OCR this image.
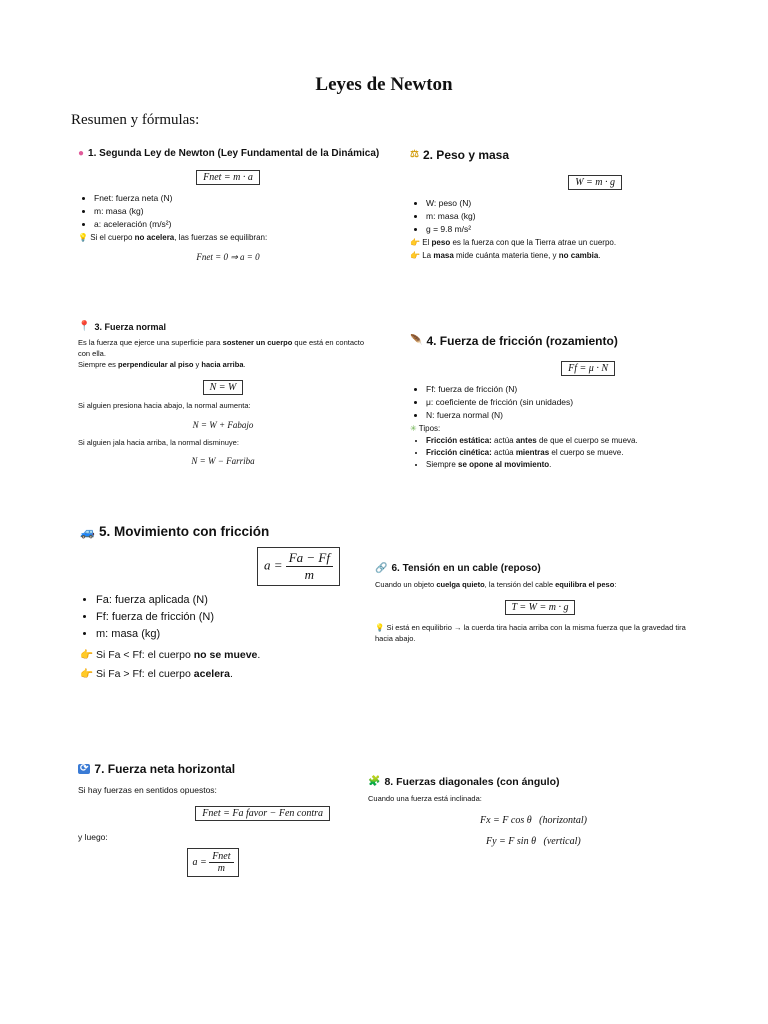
Leyes de Newton
Resumen y fórmulas:
● 1. Segunda Ley de Newton (Ley Fundamental de la Dinámica)
Fnet = m · a
• Fnet: fuerza neta (N)
• m: masa (kg)
• a: aceleración (m/s²)
💡 Si el cuerpo no acelera, las fuerzas se equilibran:
Fnet = 0 ⇒ a = 0
⚖ 2. Peso y masa
W = m · g
• W: peso (N)
• m: masa (kg)
• g = 9.8 m/s²
👉 El peso es la fuerza con que la Tierra atrae un cuerpo.
👉 La masa mide cuánta materia tiene, y no cambia.
📍 3. Fuerza normal
Es la fuerza que ejerce una superficie para sostener un cuerpo que está en contacto con ella.
Siempre es perpendicular al piso y hacia arriba.
N = W
Si alguien presiona hacia abajo, la normal aumenta:
N = W + Fabajo
Si alguien jala hacia arriba, la normal disminuye:
N = W − Farriba
🪶 4. Fuerza de fricción (rozamiento)
Ff = μ · N
• Ff: fuerza de fricción (N)
• μ: coeficiente de fricción (sin unidades)
• N: fuerza normal (N)
✳ Tipos:
• Fricción estática: actúa antes de que el cuerpo se mueva.
• Fricción cinética: actúa mientras el cuerpo se mueve.
• Siempre se opone al movimiento.
🚙 5. Movimiento con fricción
$a = \frac{Fa - Ff}{m}$
• Fa: fuerza aplicada (N)
• Ff: fuerza de fricción (N)
• m: masa (kg)
👉 Si Fa < Ff: el cuerpo no se mueve.
👉 Si Fa > Ff: el cuerpo acelera.
🔗 6. Tensión en un cable (reposo)
Cuando un objeto cuelga quieto, la tensión del cable equilibra el peso:
T = W = m · g
💡 Si está en equilibrio → la cuerda tira hacia arriba con la misma fuerza que la gravedad tira hacia abajo.
⟳ 7. Fuerza neta horizontal
Si hay fuerzas en sentidos opuestos:
Fnet = Fa favor − Fen contra
y luego:
$a = \frac{\text{Fnet}}{m}$
🧩 8. Fuerzas diagonales (con ángulo)
Cuando una fuerza está inclinada:
Fx = F cos θ   (horizontal)
Fy = F sin θ   (vertical)
